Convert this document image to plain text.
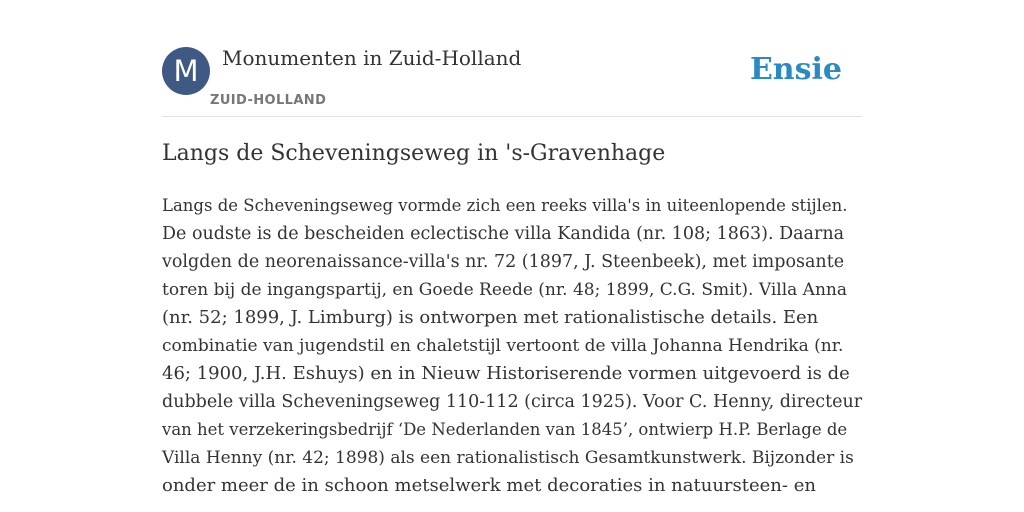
M	Monumenten in Zuid-Holland
ZUID-HOLLAND
Ensie
Langs de Scheveningseweg in 's-Gravenhage

Langs de Scheveningseweg vormde zich een reeks villa's in uiteenlopende stijlen.
De oudste is de bescheiden eclectische villa Kandida (nr. 108; 1863). Daarna
volgden de neorenaissance-villa's nr. 72 (1897, J. Steenbeek), met imposante
toren bij de ingangspartij, en Goede Reede (nr. 48; 1899, C.G. Smit). Villa Anna
(nr. 52; 1899, J. Limburg) is ontworpen met rationalistische details. Een
combinatie van jugendstil en chaletstijl vertoont de villa Johanna Hendrika (nr.
46; 1900, J.H. Eshuys) en in Nieuw Historiserende vormen uitgevoerd is de
dubbele villa Scheveningseweg 110-112 (circa 1925). Voor C. Henny, directeur
van het verzekeringsbedrijf ‘De Nederlanden van 1845’, ontwierp H.P. Berlage de
Villa Henny (nr. 42; 1898) als een rationalistisch Gesamtkunstwerk. Bijzonder is
onder meer de in schoon metselwerk met decoraties in natuursteen- en
